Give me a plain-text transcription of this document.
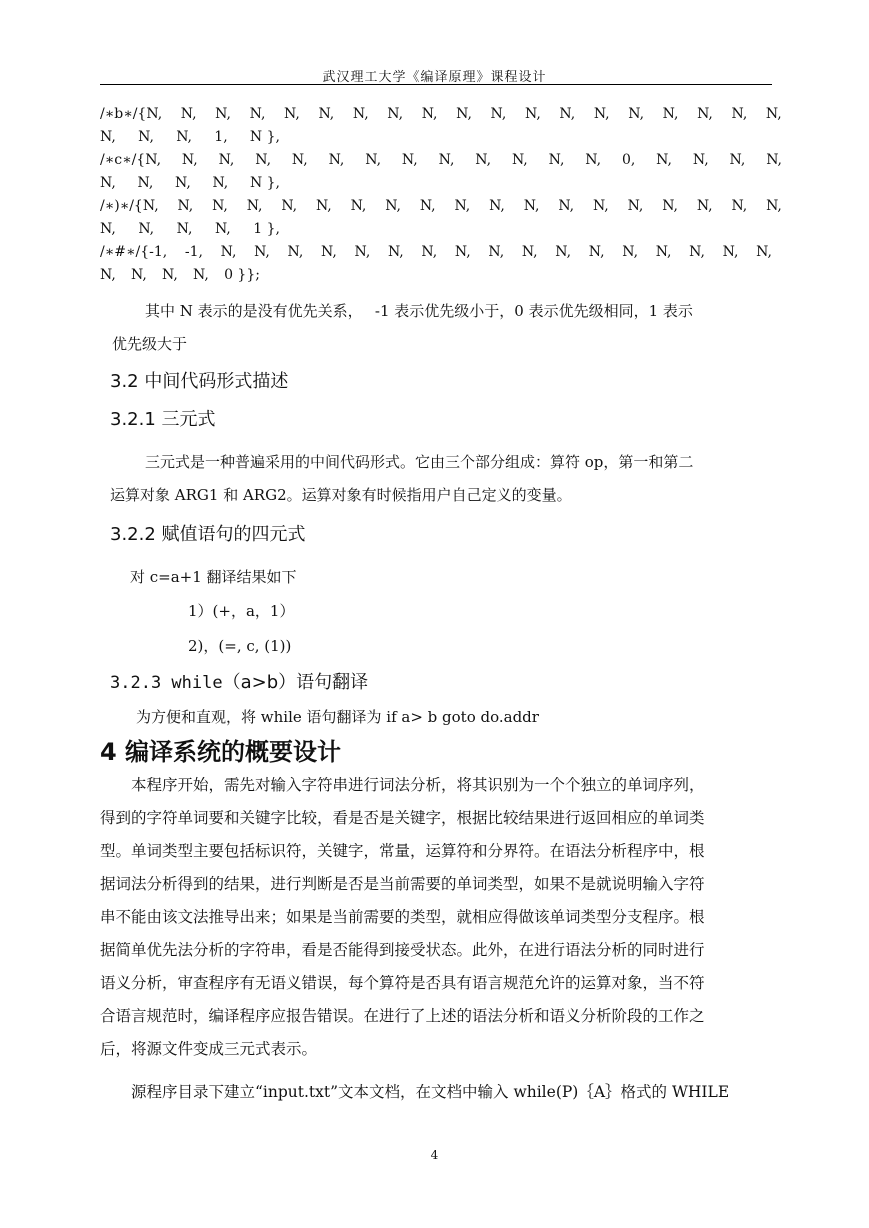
武汉理工大学《编译原理》课程设计
/∗b∗/{N, N, N, N, N, N, N, N, N, N, N, N, N, N, N, N, N, N, N,
N, N, N, 1, N },
/∗c∗/{N, N, N, N, N, N, N, N, N, N, N, N, N, 0, N, N, N, N,
N, N, N, N, N },
/∗)∗/{N, N, N, N, N, N, N, N, N, N, N, N, N, N, N, N, N, N, N,
N, N, N, N, 1 },
/∗#∗/{-1, -1, N, N, N, N, N, N, N, N, N, N, N, N, N, N, N, N, N,
N, N, N, N, 0 }};
其中 N 表示的是没有优先关系，　 -1 表示优先级小于，0 表示优先级相同，1 表示
优先级大于
3.2 中间代码形式描述
3.2.1 三元式
三元式是一种普遍采用的中间代码形式。它由三个部分组成：算符 op，第一和第二
运算对象 ARG1 和 ARG2。运算对象有时候指用户自己定义的变量。
3.2.2 赋值语句的四元式
对 c=a+1 翻译结果如下
1）(+，a，1）
2)，(=, c, (1))
3.2.3 while（a>b）语句翻译
为方便和直观，将 while 语句翻译为 if a> b goto do.addr
4 编译系统的概要设计
本程序开始，需先对输入字符串进行词法分析，将其识别为一个个独立的单词序列，
得到的字符单词要和关键字比较，看是否是关键字，根据比较结果进行返回相应的单词类
型。单词类型主要包括标识符，关键字，常量，运算符和分界符。在语法分析程序中，根
据词法分析得到的结果，进行判断是否是当前需要的单词类型，如果不是就说明输入字符
串不能由该文法推导出来；如果是当前需要的类型，就相应得做该单词类型分支程序。根
据简单优先法分析的字符串，看是否能得到接受状态。此外，在进行语法分析的同时进行
语义分析，审查程序有无语义错误，每个算符是否具有语言规范允许的运算对象，当不符
合语言规范时，编译程序应报告错误。在进行了上述的语法分析和语义分析阶段的工作之
后，将源文件变成三元式表示。
源程序目录下建立“input.txt”文本文档，在文档中输入 while(P)｛A｝格式的 WHILE
4
